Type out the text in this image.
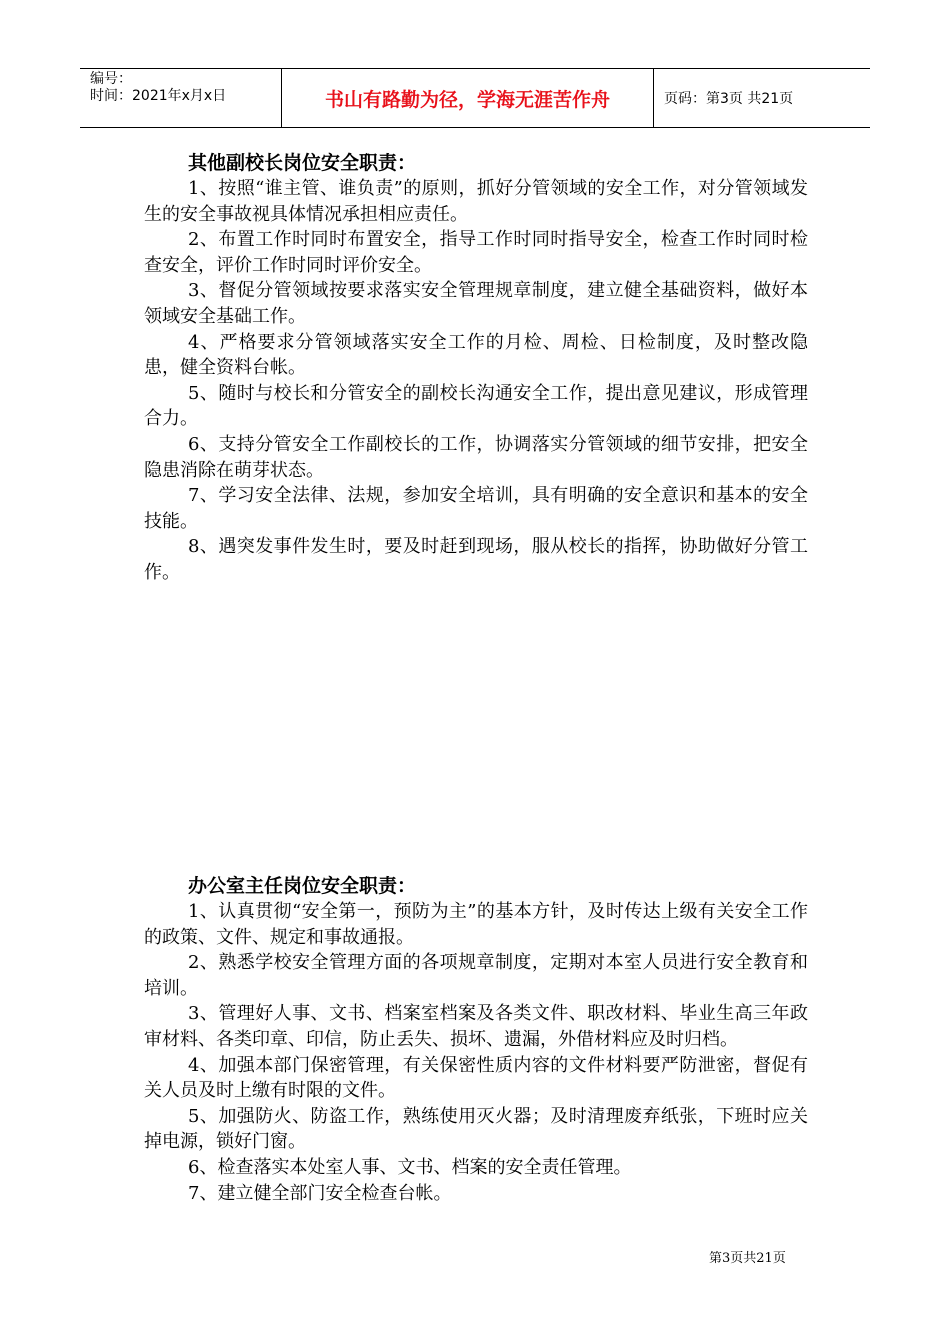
编号：
时间：2021年x月x日	书山有路勤为径，学海无涯苦作舟	页码：第3页 共21页
其他副校长岗位安全职责：

1、按照“谁主管、谁负责”的原则，抓好分管领域的安全工作，对分管领域发生的安全事故视具体情况承担相应责任。

2、布置工作时同时布置安全，指导工作时同时指导安全，检查工作时同时检查安全，评价工作时同时评价安全。

3、督促分管领域按要求落实安全管理规章制度，建立健全基础资料，做好本领域安全基础工作。

4、严格要求分管领域落实安全工作的月检、周检、日检制度，及时整改隐患，健全资料台帐。

5、随时与校长和分管安全的副校长沟通安全工作，提出意见建议，形成管理合力。

6、支持分管安全工作副校长的工作，协调落实分管领域的细节安排，把安全隐患消除在萌芽状态。

7、学习安全法律、法规，参加安全培训，具有明确的安全意识和基本的安全技能。

8、遇突发事件发生时，要及时赶到现场，服从校长的指挥，协助做好分管工作。

办公室主任岗位安全职责：

1、认真贯彻“安全第一，预防为主”的基本方针，及时传达上级有关安全工作的政策、文件、规定和事故通报。

2、熟悉学校安全管理方面的各项规章制度，定期对本室人员进行安全教育和培训。

3、管理好人事、文书、档案室档案及各类文件、职改材料、毕业生高三年政审材料、各类印章、印信，防止丢失、损坏、遗漏，外借材料应及时归档。

4、加强本部门保密管理，有关保密性质内容的文件材料要严防泄密，督促有关人员及时上缴有时限的文件。

5、加强防火、防盗工作，熟练使用灭火器；及时清理废弃纸张，下班时应关掉电源，锁好门窗。

6、检查落实本处室人事、文书、档案的安全责任管理。

7、建立健全部门安全检查台帐。

第3页共21页
